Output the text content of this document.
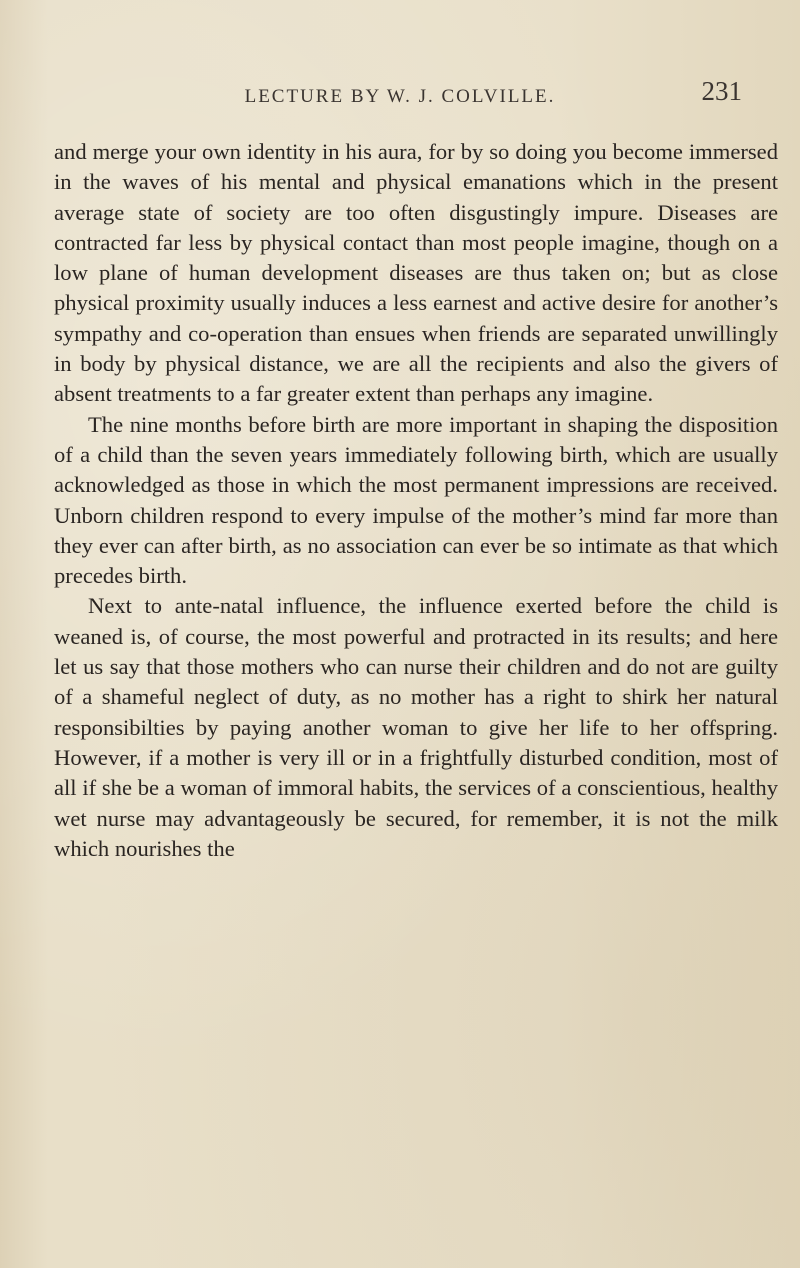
LECTURE BY W. J. COLVILLE.	231

and merge your own identity in his aura, for by so doing you become immersed in the waves of his mental and physical emanations which in the present average state of society are too often disgustingly impure. Diseases are contracted far less by physical contact than most people imagine, though on a low plane of human development diseases are thus taken on; but as close physical proximity usually induces a less earnest and active desire for another’s sympathy and co-operation than ensues when friends are separated unwillingly in body by physical distance, we are all the recipients and also the givers of absent treatments to a far greater extent than perhaps any imagine.

The nine months before birth are more important in shaping the disposition of a child than the seven years immediately following birth, which are usually acknowledged as those in which the most permanent impressions are received. Unborn children respond to every impulse of the mother’s mind far more than they ever can after birth, as no association can ever be so intimate as that which precedes birth.

Next to ante-natal influence, the influence exerted before the child is weaned is, of course, the most powerful and protracted in its results; and here let us say that those mothers who can nurse their children and do not are guilty of a shameful neglect of duty, as no mother has a right to shirk her natural responsibilties by paying another woman to give her life to her offspring. However, if a mother is very ill or in a frightfully disturbed condition, most of all if she be a woman of immoral habits, the services of a conscientious, healthy wet nurse may advantageously be secured, for remember, it is not the milk which nourishes the
